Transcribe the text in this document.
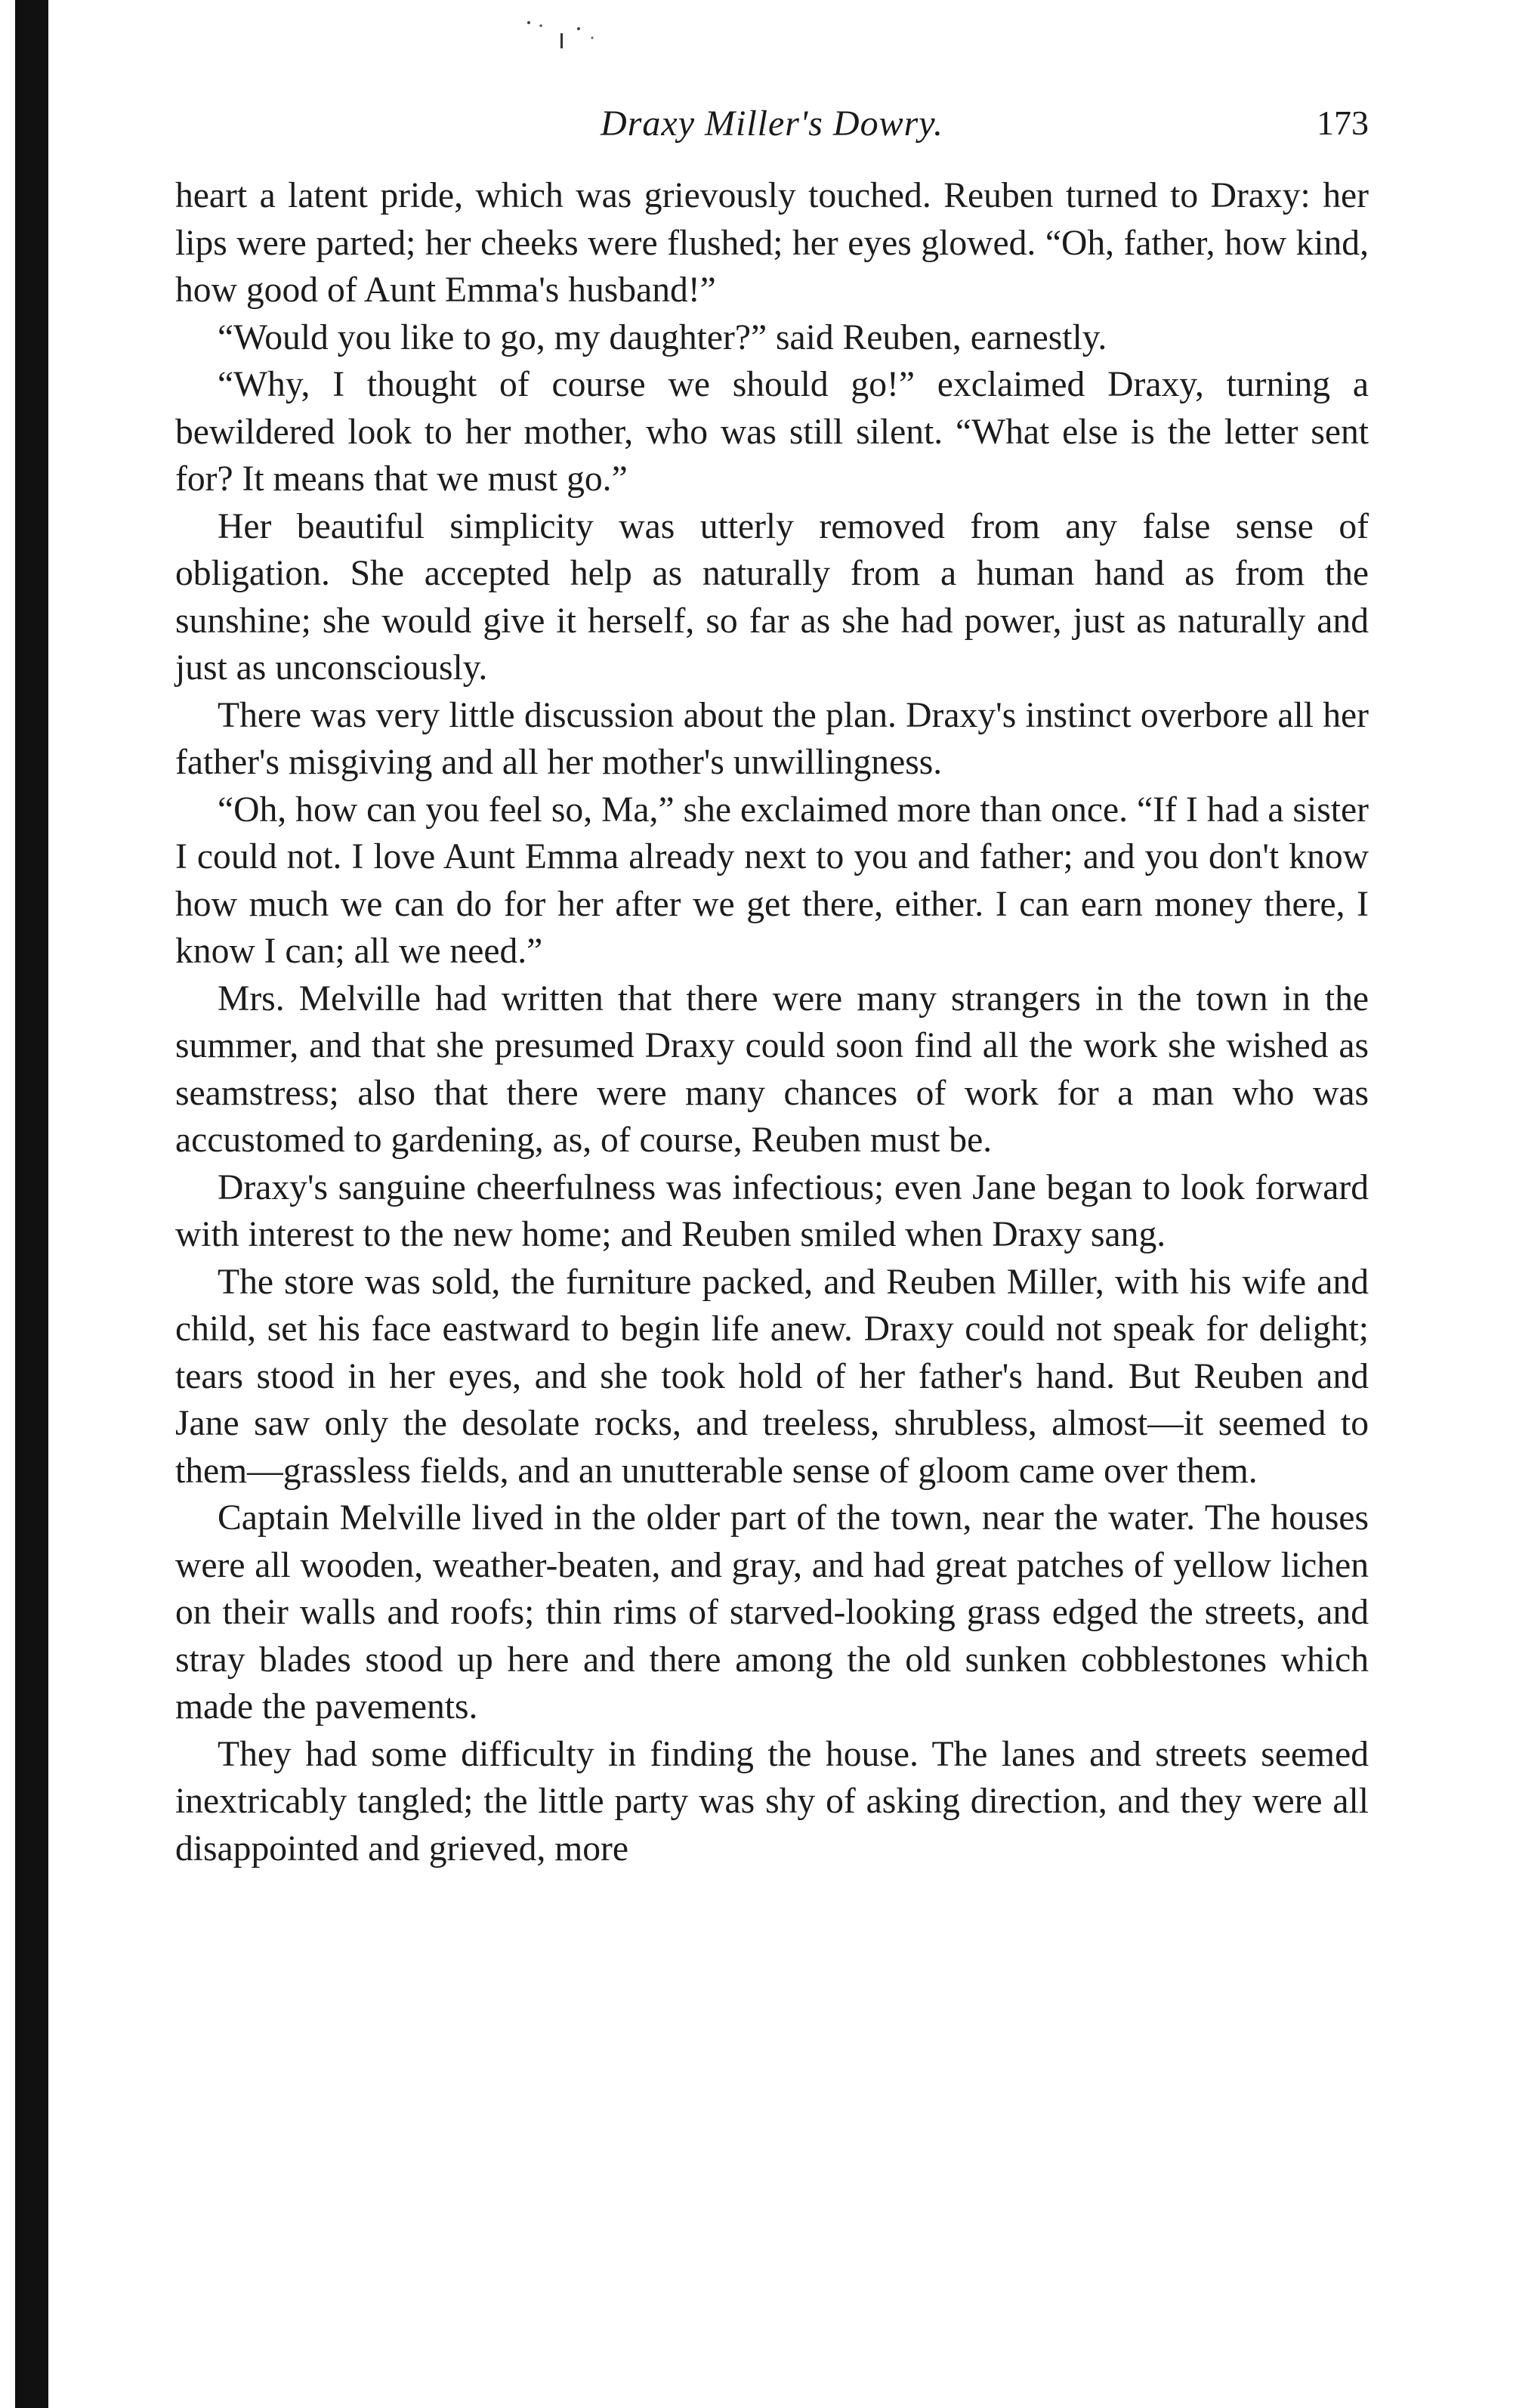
Draxy Miller's Dowry.	173

heart a latent pride, which was grievously touched. Reuben turned to Draxy: her lips were parted; her cheeks were flushed; her eyes glowed. “Oh, father, how kind, how good of Aunt Emma's husband!”

“Would you like to go, my daughter?” said Reuben, earnestly.

“Why, I thought of course we should go!” exclaimed Draxy, turning a bewildered look to her mother, who was still silent. “What else is the letter sent for? It means that we must go.”

Her beautiful simplicity was utterly removed from any false sense of obligation. She accepted help as naturally from a human hand as from the sunshine; she would give it herself, so far as she had power, just as naturally and just as unconsciously.

There was very little discussion about the plan. Draxy's instinct overbore all her father's misgiving and all her mother's unwillingness.

“Oh, how can you feel so, Ma,” she exclaimed more than once. “If I had a sister I could not. I love Aunt Emma already next to you and father; and you don't know how much we can do for her after we get there, either. I can earn money there, I know I can; all we need.”

Mrs. Melville had written that there were many strangers in the town in the summer, and that she presumed Draxy could soon find all the work she wished as seamstress; also that there were many chances of work for a man who was accustomed to gardening, as, of course, Reuben must be.

Draxy's sanguine cheerfulness was infectious; even Jane began to look forward with interest to the new home; and Reuben smiled when Draxy sang.

The store was sold, the furniture packed, and Reuben Miller, with his wife and child, set his face eastward to begin life anew. Draxy could not speak for delight; tears stood in her eyes, and she took hold of her father's hand. But Reuben and Jane saw only the desolate rocks, and treeless, shrubless, almost—it seemed to them—grassless fields, and an unutterable sense of gloom came over them.

Captain Melville lived in the older part of the town, near the water. The houses were all wooden, weather-beaten, and gray, and had great patches of yellow lichen on their walls and roofs; thin rims of starved-looking grass edged the streets, and stray blades stood up here and there among the old sunken cobblestones which made the pavements.

They had some difficulty in finding the house. The lanes and streets seemed inextricably tangled; the little party was shy of asking direction, and they were all disappointed and grieved, more
